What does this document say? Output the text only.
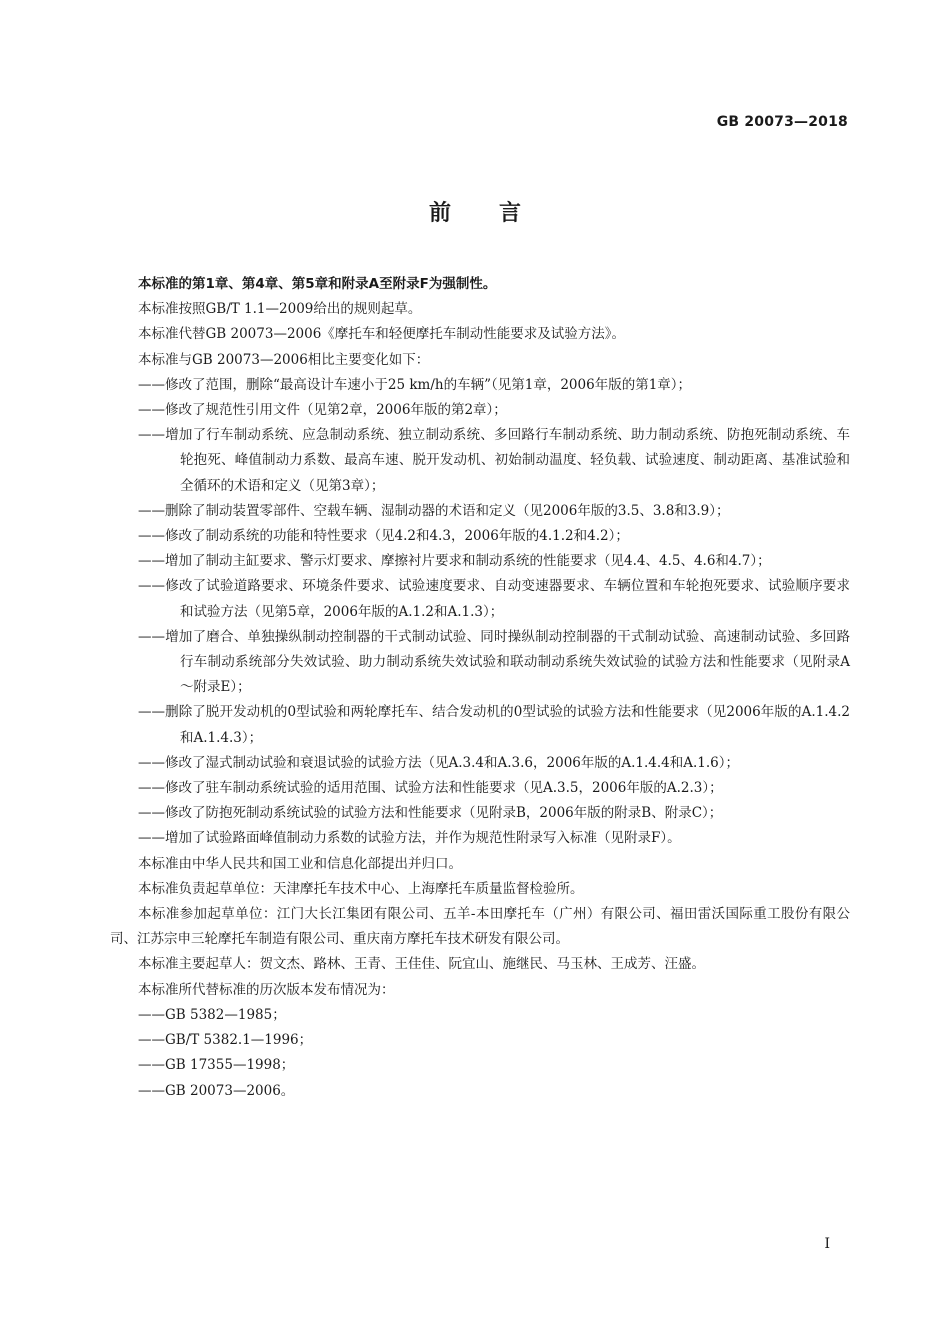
GB 20073—2018
前言

本标准的第1章、第4章、第5章和附录A至附录F为强制性。

本标准按照GB/T 1.1—2009给出的规则起草。

本标准代替GB 20073—2006《摩托车和轻便摩托车制动性能要求及试验方法》。

本标准与GB 20073—2006相比主要变化如下：

——修改了范围，删除“最高设计车速小于25 km/h的车辆”（见第1章，2006年版的第1章）；

——修改了规范性引用文件（见第2章，2006年版的第2章）；

——增加了行车制动系统、应急制动系统、独立制动系统、多回路行车制动系统、助力制动系统、防抱死制动系统、车轮抱死、峰值制动力系数、最高车速、脱开发动机、初始制动温度、轻负载、试验速度、制动距离、基准试验和全循环的术语和定义（见第3章）；

——删除了制动装置零部件、空载车辆、湿制动器的术语和定义（见2006年版的3.5、3.8和3.9）；

——修改了制动系统的功能和特性要求（见4.2和4.3，2006年版的4.1.2和4.2）；

——增加了制动主缸要求、警示灯要求、摩擦衬片要求和制动系统的性能要求（见4.4、4.5、4.6和4.7）；

——修改了试验道路要求、环境条件要求、试验速度要求、自动变速器要求、车辆位置和车轮抱死要求、试验顺序要求和试验方法（见第5章，2006年版的A.1.2和A.1.3）；

——增加了磨合、单独操纵制动控制器的干式制动试验、同时操纵制动控制器的干式制动试验、高速制动试验、多回路行车制动系统部分失效试验、助力制动系统失效试验和联动制动系统失效试验的试验方法和性能要求（见附录A～附录E）；

——删除了脱开发动机的0型试验和两轮摩托车、结合发动机的0型试验的试验方法和性能要求（见2006年版的A.1.4.2和A.1.4.3）；

——修改了湿式制动试验和衰退试验的试验方法（见A.3.4和A.3.6，2006年版的A.1.4.4和A.1.6）；

——修改了驻车制动系统试验的适用范围、试验方法和性能要求（见A.3.5，2006年版的A.2.3）；

——修改了防抱死制动系统试验的试验方法和性能要求（见附录B，2006年版的附录B、附录C）；

——增加了试验路面峰值制动力系数的试验方法，并作为规范性附录写入标准（见附录F）。

本标准由中华人民共和国工业和信息化部提出并归口。

本标准负责起草单位：天津摩托车技术中心、上海摩托车质量监督检验所。

本标准参加起草单位：江门大长江集团有限公司、五羊-本田摩托车（广州）有限公司、福田雷沃国际重工股份有限公司、江苏宗申三轮摩托车制造有限公司、重庆南方摩托车技术研发有限公司。

本标准主要起草人：贺文杰、路林、王青、王佳佳、阮宜山、施继民、马玉林、王成芳、汪盛。

本标准所代替标准的历次版本发布情况为：

——GB 5382—1985；

——GB/T 5382.1—1996；

——GB 17355—1998；

——GB 20073—2006。

I
